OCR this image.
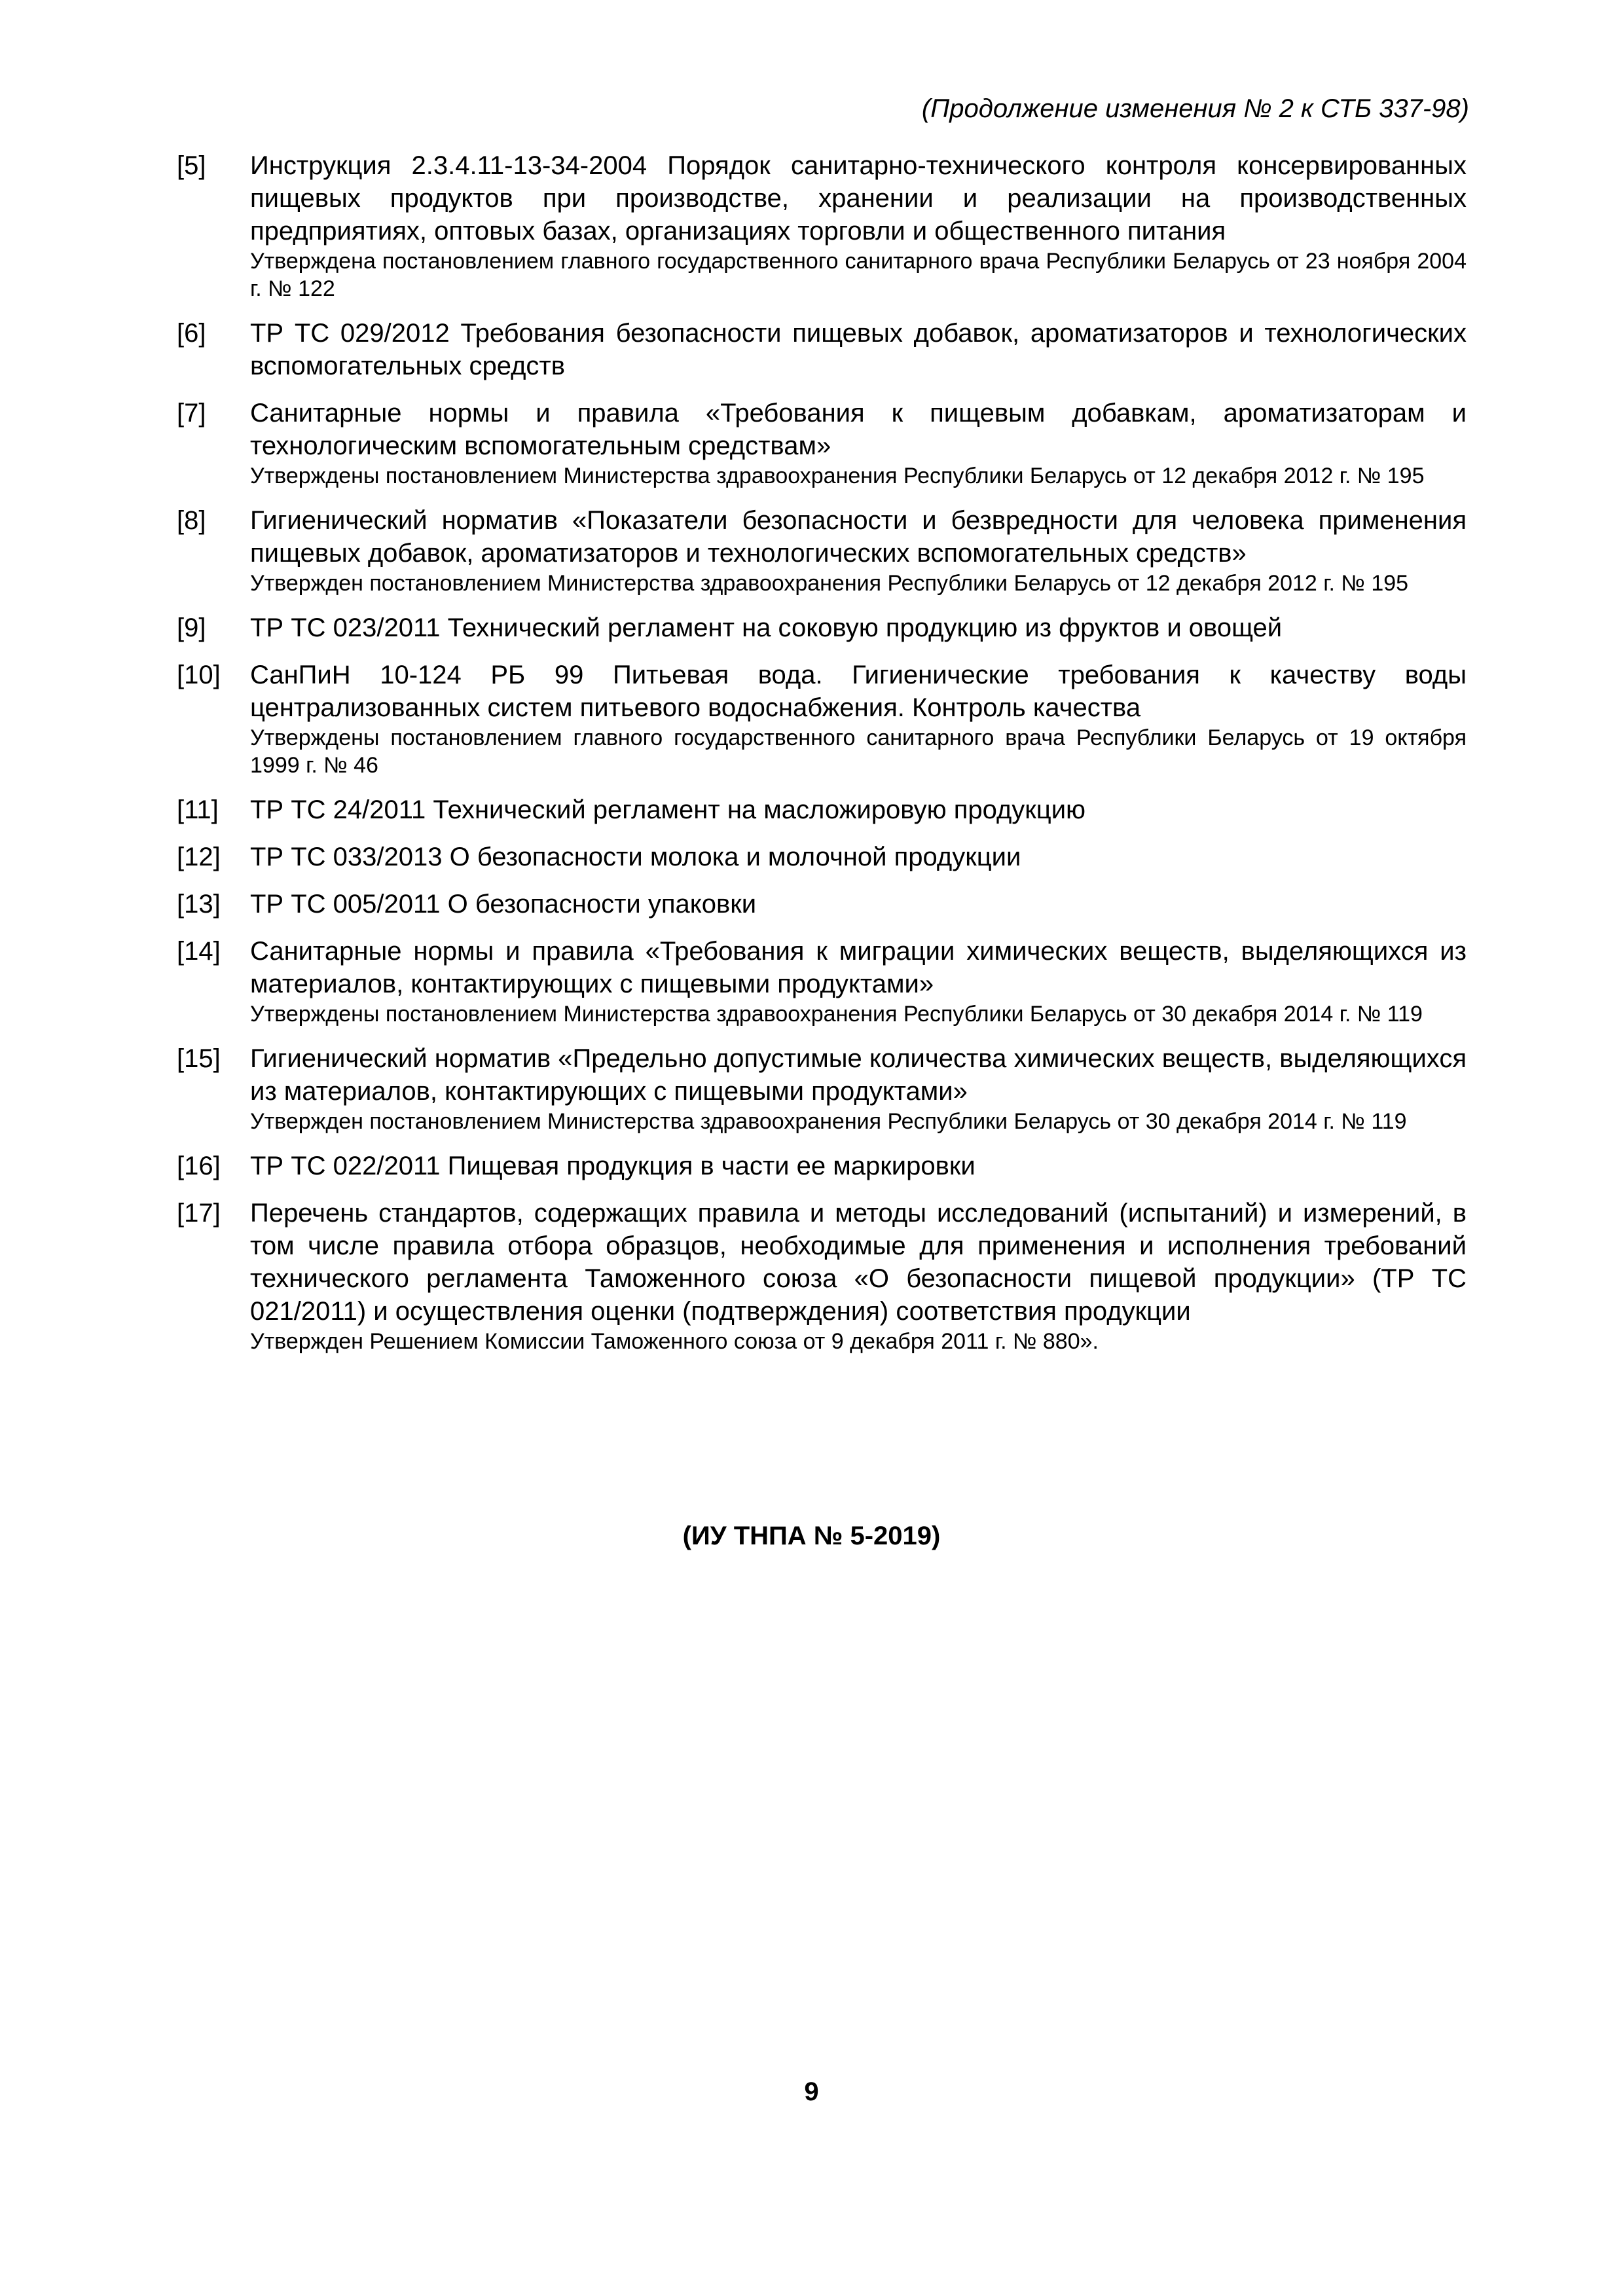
(Продолжение изменения № 2 к СТБ 337-98)
[5]	Инструкция 2.3.4.11-13-34-2004 Порядок санитарно-технического контроля консервированных пищевых продуктов при производстве, хранении и реализации на производственных предприятиях, оптовых базах, организациях торговли и общественного питания
Утверждена постановлением главного государственного санитарного врача Республики Беларусь от 23 ноября 2004 г. № 122
[6]	ТР ТС 029/2012 Требования безопасности пищевых добавок, ароматизаторов и технологических вспомогательных средств
[7]	Санитарные нормы и правила «Требования к пищевым добавкам, ароматизаторам и технологическим вспомогательным средствам»
Утверждены постановлением Министерства здравоохранения Республики Беларусь от 12 декабря 2012 г. № 195
[8]	Гигиенический норматив «Показатели безопасности и безвредности для человека применения пищевых добавок, ароматизаторов и технологических вспомогательных средств»
Утвержден постановлением Министерства здравоохранения Республики Беларусь от 12 декабря 2012 г. № 195
[9]	ТР ТС 023/2011 Технический регламент на соковую продукцию из фруктов и овощей
[10]	СанПиН 10-124 РБ 99 Питьевая вода. Гигиенические требования к качеству воды централизованных систем питьевого водоснабжения. Контроль качества
Утверждены постановлением главного государственного санитарного врача Республики Беларусь от 19 октября 1999 г. № 46
[11]	ТР ТС 24/2011 Технический регламент на масложировую продукцию
[12]	ТР ТС 033/2013 О безопасности молока и молочной продукции
[13]	ТР ТС 005/2011 О безопасности упаковки
[14]	Санитарные нормы и правила «Требования к миграции химических веществ, выделяющихся из материалов, контактирующих с пищевыми продуктами»
Утверждены постановлением Министерства здравоохранения Республики Беларусь от 30 декабря 2014 г. № 119
[15]	Гигиенический норматив «Предельно допустимые количества химических веществ, выделяющихся из материалов, контактирующих с пищевыми продуктами»
Утвержден постановлением Министерства здравоохранения Республики Беларусь от 30 декабря 2014 г. № 119
[16]	ТР ТС 022/2011 Пищевая продукция в части ее маркировки
[17]	Перечень стандартов, содержащих правила и методы исследований (испытаний) и измерений, в том числе правила отбора образцов, необходимые для применения и исполнения требований технического регламента Таможенного союза «О безопасности пищевой продукции» (ТР ТС 021/2011) и осуществления оценки (подтверждения) соответствия продукции
Утвержден Решением Комиссии Таможенного союза от 9 декабря 2011 г. № 880».
(ИУ ТНПА № 5-2019)
9
